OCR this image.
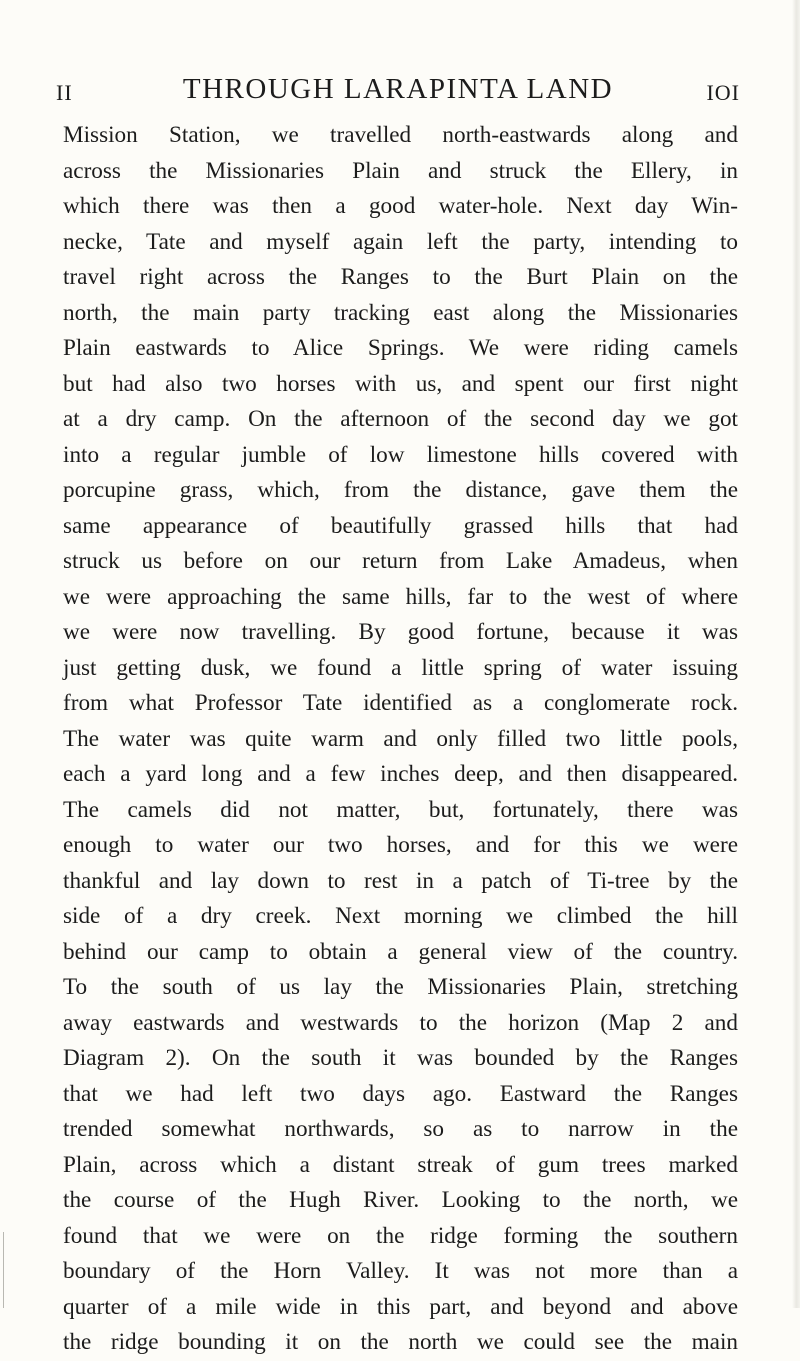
II	THROUGH LARAPINTA LAND	IOI
Mission Station, we travelled north-eastwards along and
across the Missionaries Plain and struck the Ellery, in
which there was then a good water-hole. Next day Win-
necke, Tate and myself again left the party, intending to
travel right across the Ranges to the Burt Plain on the
north, the main party tracking east along the Missionaries
Plain eastwards to Alice Springs. We were riding camels
but had also two horses with us, and spent our first night
at a dry camp. On the afternoon of the second day we got
into a regular jumble of low limestone hills covered with
porcupine grass, which, from the distance, gave them the
same appearance of beautifully grassed hills that had
struck us before on our return from Lake Amadeus, when
we were approaching the same hills, far to the west of where
we were now travelling. By good fortune, because it was
just getting dusk, we found a little spring of water issuing
from what Professor Tate identified as a conglomerate rock.
The water was quite warm and only filled two little pools,
each a yard long and a few inches deep, and then disappeared.
The camels did not matter, but, fortunately, there was
enough to water our two horses, and for this we were
thankful and lay down to rest in a patch of Ti-tree by the
side of a dry creek. Next morning we climbed the hill
behind our camp to obtain a general view of the country.
To the south of us lay the Missionaries Plain, stretching
away eastwards and westwards to the horizon (Map 2 and
Diagram 2). On the south it was bounded by the Ranges
that we had left two days ago. Eastward the Ranges
trended somewhat northwards, so as to narrow in the
Plain, across which a distant streak of gum trees marked
the course of the Hugh River. Looking to the north, we
found that we were on the ridge forming the southern
boundary of the Horn Valley. It was not more than a
quarter of a mile wide in this part, and beyond and above
the ridge bounding it on the north we could see the main
